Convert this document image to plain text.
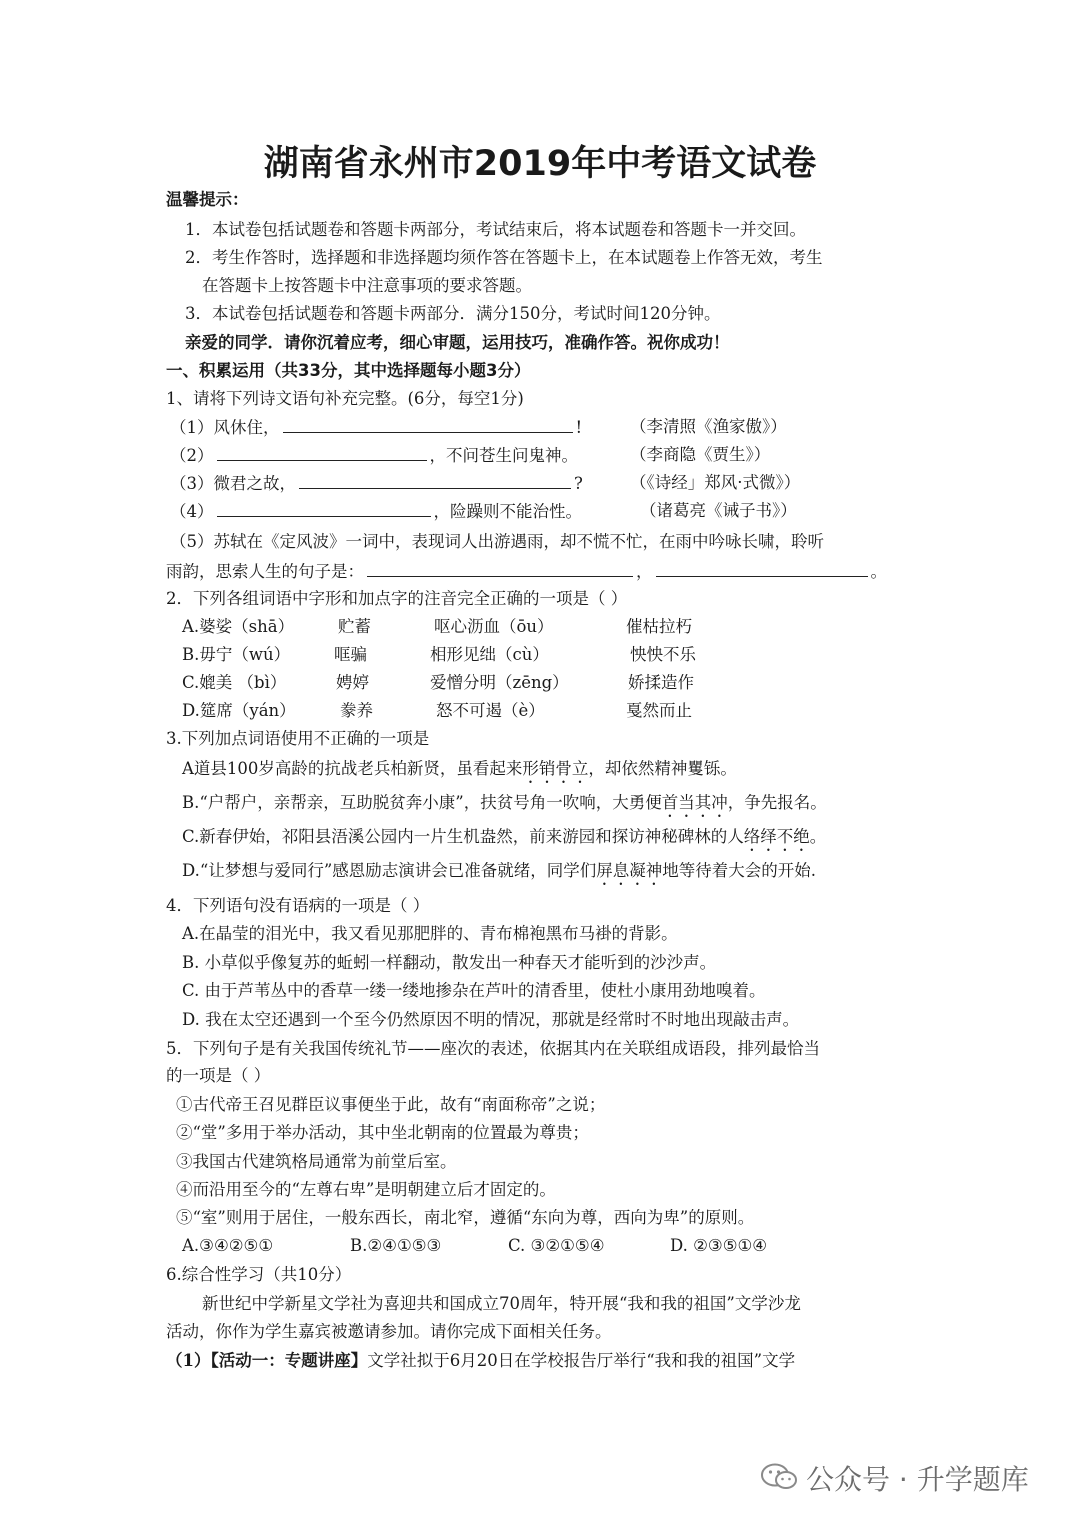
湖南省永州市2019年中考语文试卷
温馨提示：
1．本试卷包括试题卷和答题卡两部分，考试结束后，将本试题卷和答题卡一并交回。
2．考生作答时，选择题和非选择题均须作答在答题卡上，在本试题卷上作答无效，考生
在答题卡上按答题卡中注意事项的要求答题。
3．本试卷包括试题卷和答题卡两部分．满分150分，考试时间120分钟。
亲爱的同学．请你沉着应考，细心审题，运用技巧，准确作答。祝你成功！
一、积累运用（共33分，其中选择题每小题3分）
1、请将下列诗文语句补充完整。(6分，每空1分)
（1）风休住，	!	（李清照《渔家傲》）
（2）	，不问苍生问鬼神。	（李商隐《贾生》）
（3）微君之故，	?	（《诗经」郑风·式微》）
（4）	，险躁则不能治性。	（诸葛亮《诫子书》）
（5）苏轼在《定风波》一词中，表现词人出游遇雨，却不慌不忙，在雨中吟咏长啸，聆听
雨韵，思索人生的句子是：	，	。
2．下列各组词语中字形和加点字的注音完全正确的一项是（ ）
A.婆娑（shā）	贮蓄	呕心沥血（ōu）	催枯拉朽
B.毋宁（wú）	哐骗	相形见绌（cù）	怏怏不乐
C.媲美 （bì）	娉婷	爱憎分明（zēng）	娇揉造作
D.筵席（yán）	豢养	怒不可遏（è）	戛然而止
3.下列加点词语使用不正确的一项是
A道县100岁高龄的抗战老兵柏新贤，虽看起来形销骨立，却依然精神矍铄。
B.“户帮户，亲帮亲，互助脱贫奔小康”，扶贫号角一吹响，大勇便首当其冲，争先报名。
C.新春伊始，祁阳县浯溪公园内一片生机盎然，前来游园和探访神秘碑林的人络绎不绝。
D.“让梦想与爱同行”感恩励志演讲会已准备就绪，同学们屏息凝神地等待着大会的开始.
4．下列语句没有语病的一项是（ ）
A.在晶莹的泪光中，我又看见那肥胖的、青布棉袍黑布马褂的背影。
B. 小草似乎像复苏的蚯蚓一样翻动，散发出一种春天才能听到的沙沙声。
C. 由于芦苇丛中的香草一缕一缕地掺杂在芦叶的清香里，使杜小康用劲地嗅着。
D. 我在太空还遇到一个至今仍然原因不明的情况，那就是经常时不时地出现敲击声。
5．下列句子是有关我国传统礼节——座次的表述，依据其内在关联组成语段，排列最恰当
的一项是（ ）
①古代帝王召见群臣议事便坐于此，故有“南面称帝”之说；
②“堂”多用于举办活动，其中坐北朝南的位置最为尊贵；
③我国古代建筑格局通常为前堂后室。
④而沿用至今的“左尊右卑”是明朝建立后才固定的。
⑤“室”则用于居住，一般东西长，南北窄，遵循“东向为尊，西向为卑”的原则。
A.③④②⑤①	B.②④①⑤③	C. ③②①⑤④	D. ②③⑤①④
6.综合性学习（共10分）
新世纪中学新星文学社为喜迎共和国成立70周年，特开展“我和我的祖国”文学沙龙
活动，你作为学生嘉宾被邀请参加。请你完成下面相关任务。
（1）【活动一：专题讲座】文学社拟于6月20日在学校报告厅举行“我和我的祖国”文学
公众号 · 升学题库
